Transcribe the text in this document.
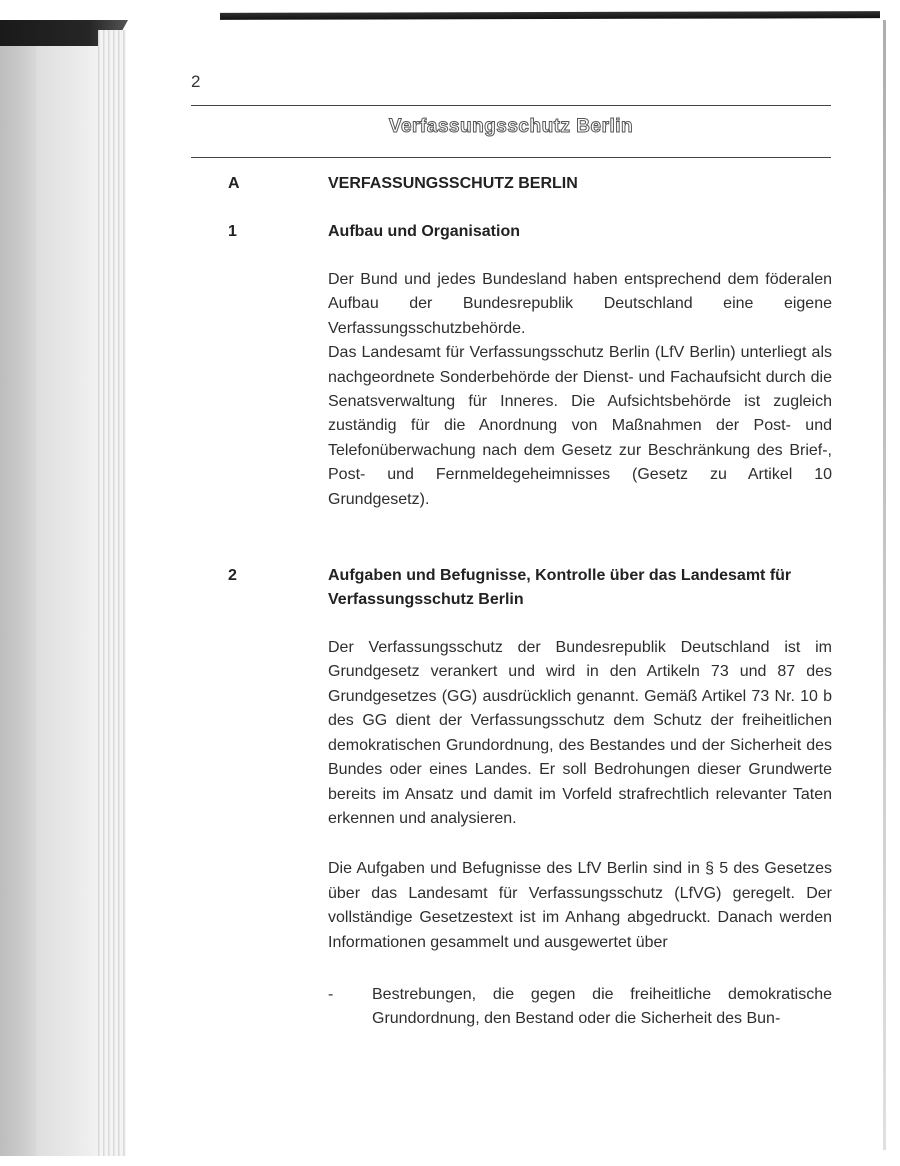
2
Verfassungsschutz Berlin
A	VERFASSUNGSSCHUTZ BERLIN
1	Aufbau und Organisation

Der Bund und jedes Bundesland haben entsprechend dem föderalen Aufbau der Bundesrepublik Deutschland eine eigene Verfassungsschutzbehörde.

Das Landesamt für Verfassungsschutz Berlin (LfV Berlin) unterliegt als nachgeordnete Sonderbehörde der Dienst- und Fachaufsicht durch die Senatsverwaltung für Inneres. Die Aufsichtsbehörde ist zugleich zuständig für die Anordnung von Maßnahmen der Post- und Telefonüberwachung nach dem Gesetz zur Beschränkung des Brief-, Post- und Fernmeldegeheimnisses (Gesetz zu Artikel 10 Grundgesetz).

2	Aufgaben und Befugnisse, Kontrolle über das Landesamt für Verfassungsschutz Berlin

Der Verfassungsschutz der Bundesrepublik Deutschland ist im Grundgesetz verankert und wird in den Artikeln 73 und 87 des Grundgesetzes (GG) ausdrücklich genannt. Gemäß Artikel 73 Nr. 10 b des GG dient der Verfassungsschutz dem Schutz der freiheitlichen demokratischen Grundordnung, des Bestandes und der Sicherheit des Bundes oder eines Landes. Er soll Bedrohungen dieser Grundwerte bereits im Ansatz und damit im Vorfeld strafrechtlich relevanter Taten erkennen und analysieren.

Die Aufgaben und Befugnisse des LfV Berlin sind in § 5 des Gesetzes über das Landesamt für Verfassungsschutz (LfVG) geregelt. Der vollständige Gesetzestext ist im Anhang abgedruckt. Danach werden Informationen gesammelt und ausgewertet über

- Bestrebungen, die gegen die freiheitliche demokratische Grundordnung, den Bestand oder die Sicherheit des Bun-
